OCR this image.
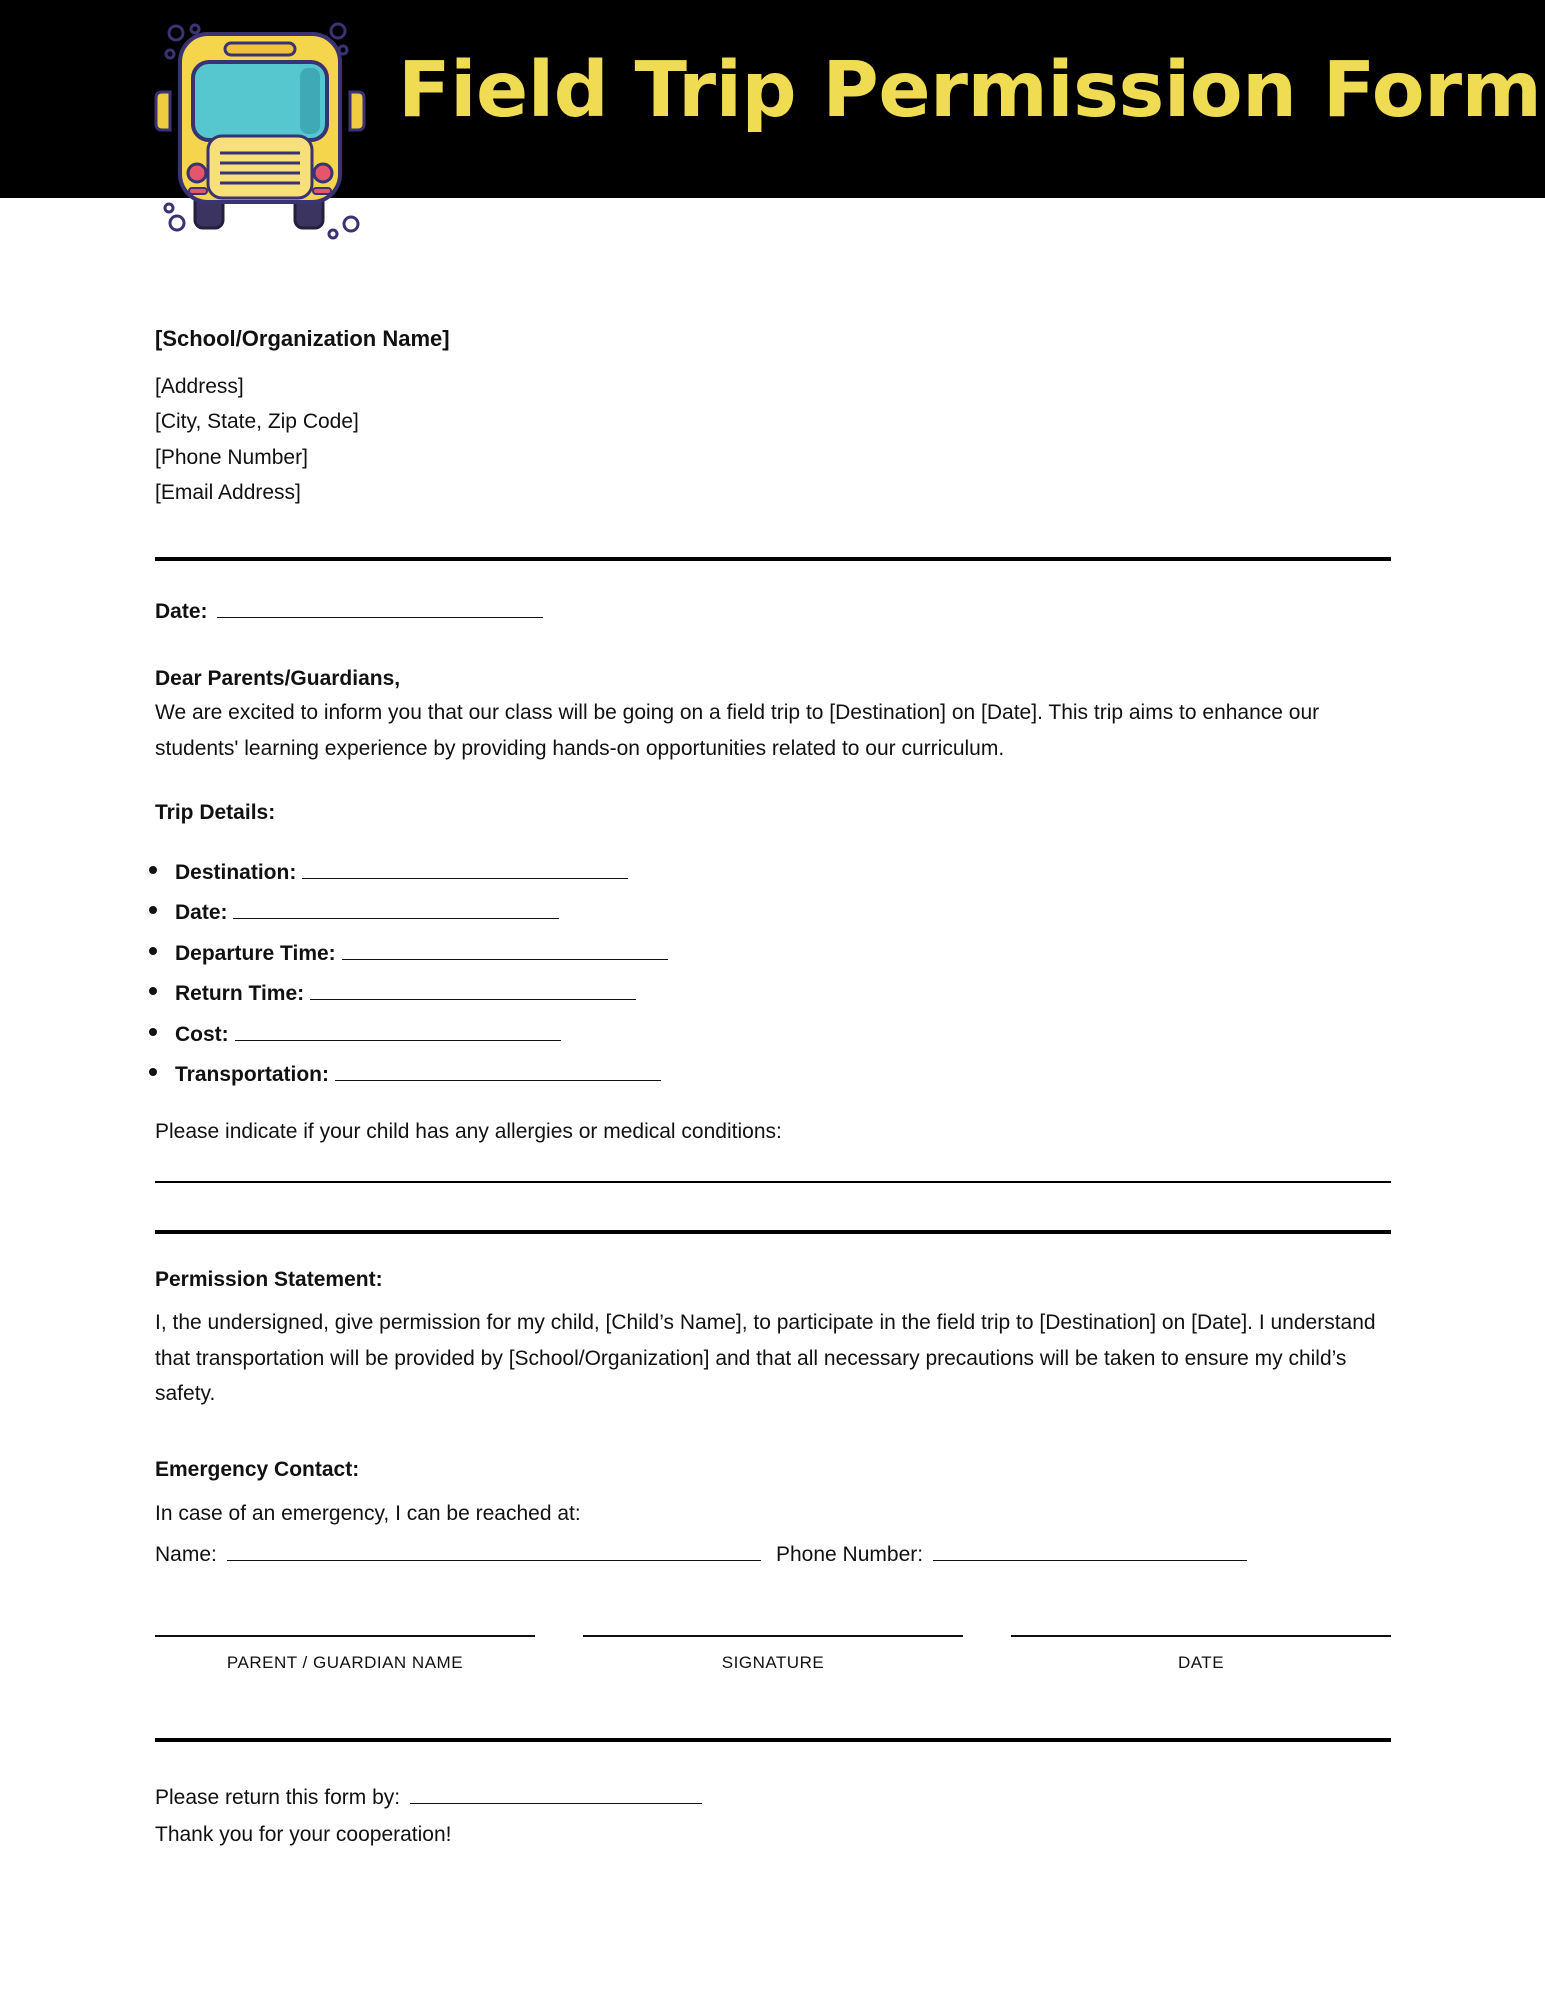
Field Trip Permission Form
[School/Organization Name]
[Address]
[City, State, Zip Code]
[Phone Number]
[Email Address]
Date:
Dear Parents/Guardians,
We are excited to inform you that our class will be going on a field trip to [Destination] on [Date]. This trip aims to enhance our students' learning experience by providing hands-on opportunities related to our curriculum.
Trip Details:
Destination:
Date:
Departure Time:
Return Time:
Cost:
Transportation:
Please indicate if your child has any allergies or medical conditions:
Permission Statement:
I, the undersigned, give permission for my child, [Child’s Name], to participate in the field trip to [Destination] on [Date]. I understand that transportation will be provided by [School/Organization] and that all necessary precautions will be taken to ensure my child’s safety.
Emergency Contact:
In case of an emergency, I can be reached at:
Name:	Phone Number:
PARENT / GUARDIAN NAME	SIGNATURE	DATE
Please return this form by:
Thank you for your cooperation!
